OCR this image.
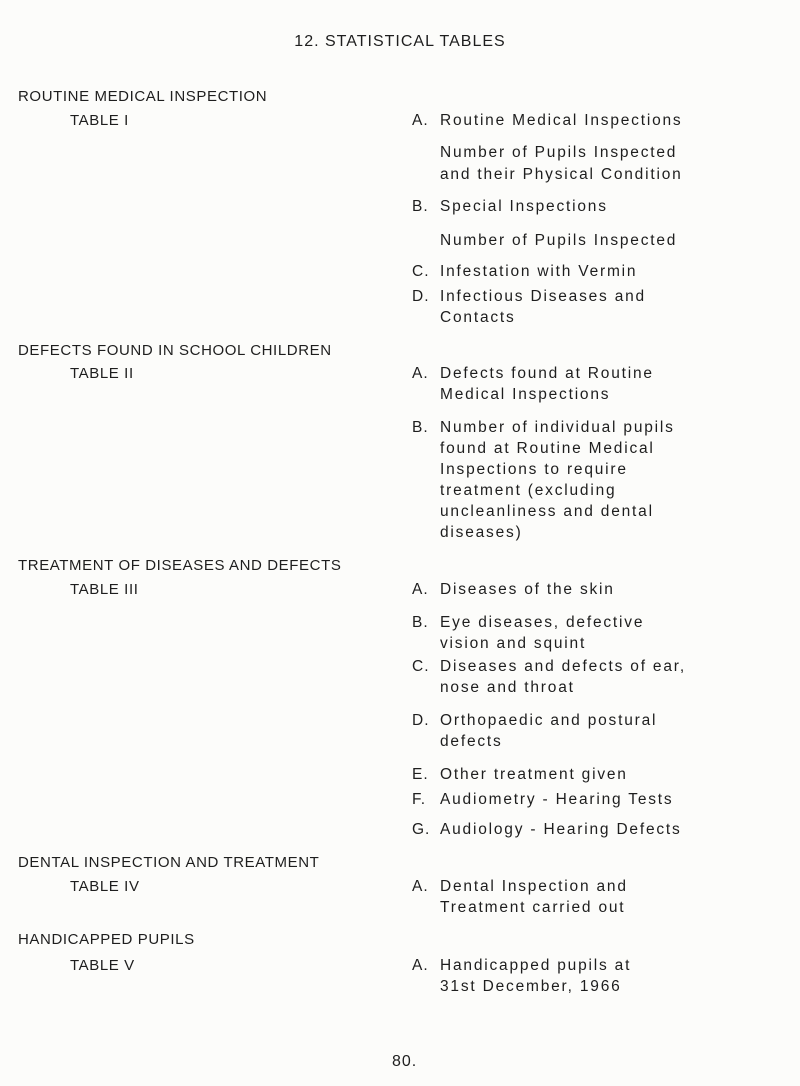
12. STATISTICAL TABLES
ROUTINE MEDICAL INSPECTION
TABLE I	A. Routine Medical Inspections
Number of Pupils Inspected
and their Physical Condition
B. Special Inspections
Number of Pupils Inspected
C. Infestation with Vermin
D. Infectious Diseases and
Contacts
DEFECTS FOUND IN SCHOOL CHILDREN
TABLE II	A. Defects found at Routine
Medical Inspections
B. Number of individual pupils
found at Routine Medical
Inspections to require
treatment (excluding
uncleanliness and dental
diseases)
TREATMENT OF DISEASES AND DEFECTS
TABLE III	A. Diseases of the skin
B. Eye diseases, defective
vision and squint
C. Diseases and defects of ear,
nose and throat
D. Orthopaedic and postural
defects
E. Other treatment given
F. Audiometry - Hearing Tests
G. Audiology - Hearing Defects
DENTAL INSPECTION AND TREATMENT
TABLE IV	A. Dental Inspection and
Treatment carried out
HANDICAPPED PUPILS
TABLE V	A. Handicapped pupils at
31st December, 1966
80.
